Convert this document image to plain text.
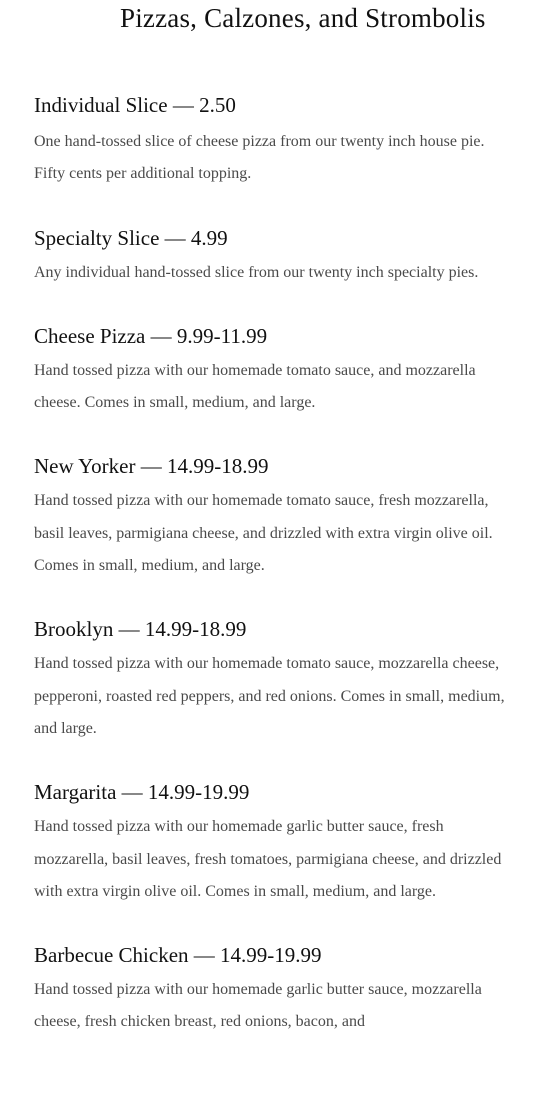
Pizzas, Calzones, and Strombolis
Individual Slice — 2.50

One hand-tossed slice of cheese pizza from our twenty inch house pie. Fifty cents per additional topping.

Specialty Slice — 4.99

Any individual hand-tossed slice from our twenty inch specialty pies.

Cheese Pizza — 9.99-11.99

Hand tossed pizza with our homemade tomato sauce, and mozzarella cheese. Comes in small, medium, and large.

New Yorker — 14.99-18.99

Hand tossed pizza with our homemade tomato sauce, fresh mozzarella, basil leaves, parmigiana cheese, and drizzled with extra virgin olive oil. Comes in small, medium, and large.

Brooklyn — 14.99-18.99

Hand tossed pizza with our homemade tomato sauce, mozzarella cheese, pepperoni, roasted red peppers, and red onions. Comes in small, medium, and large.

Margarita — 14.99-19.99

Hand tossed pizza with our homemade garlic butter sauce, fresh mozzarella, basil leaves, fresh tomatoes, parmigiana cheese, and drizzled with extra virgin olive oil. Comes in small, medium, and large.

Barbecue Chicken — 14.99-19.99

Hand tossed pizza with our homemade garlic butter sauce, mozzarella cheese, fresh chicken breast, red onions, bacon, and
